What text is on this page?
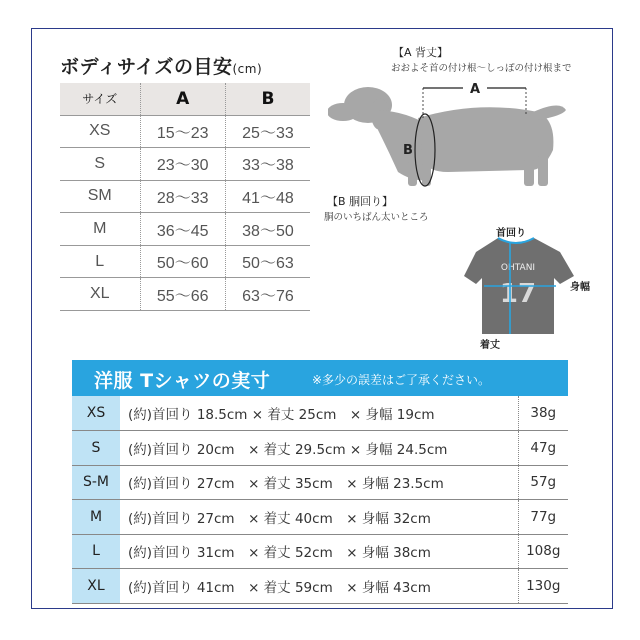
ボディサイズの目安(cm)
サイズ	A	B
XS	15〜23	25〜33
S	23〜30	33〜38
SM	28〜33	41〜48
M	36〜45	38〜50
L	50〜60	50〜63
XL	55〜66	63〜76
【A 背丈】
おおよそ首の付け根〜しっぽの付け根まで
A
B
【B 胴回り】
胴のいちばん太いところ
首回り
身幅
着丈
OHTANI
17
洋服 Tシャツの実寸	※多少の誤差はご了承ください。
XS	(約)首回り 18.5cm × 着丈 25cm　× 身幅 19cm	38g
S	(約)首回り 20cm　× 着丈 29.5cm × 身幅 24.5cm	47g
S-M	(約)首回り 27cm　× 着丈 35cm　× 身幅 23.5cm	57g
M	(約)首回り 27cm　× 着丈 40cm　× 身幅 32cm	77g
L	(約)首回り 31cm　× 着丈 52cm　× 身幅 38cm	108g
XL	(約)首回り 41cm　× 着丈 59cm　× 身幅 43cm	130g
